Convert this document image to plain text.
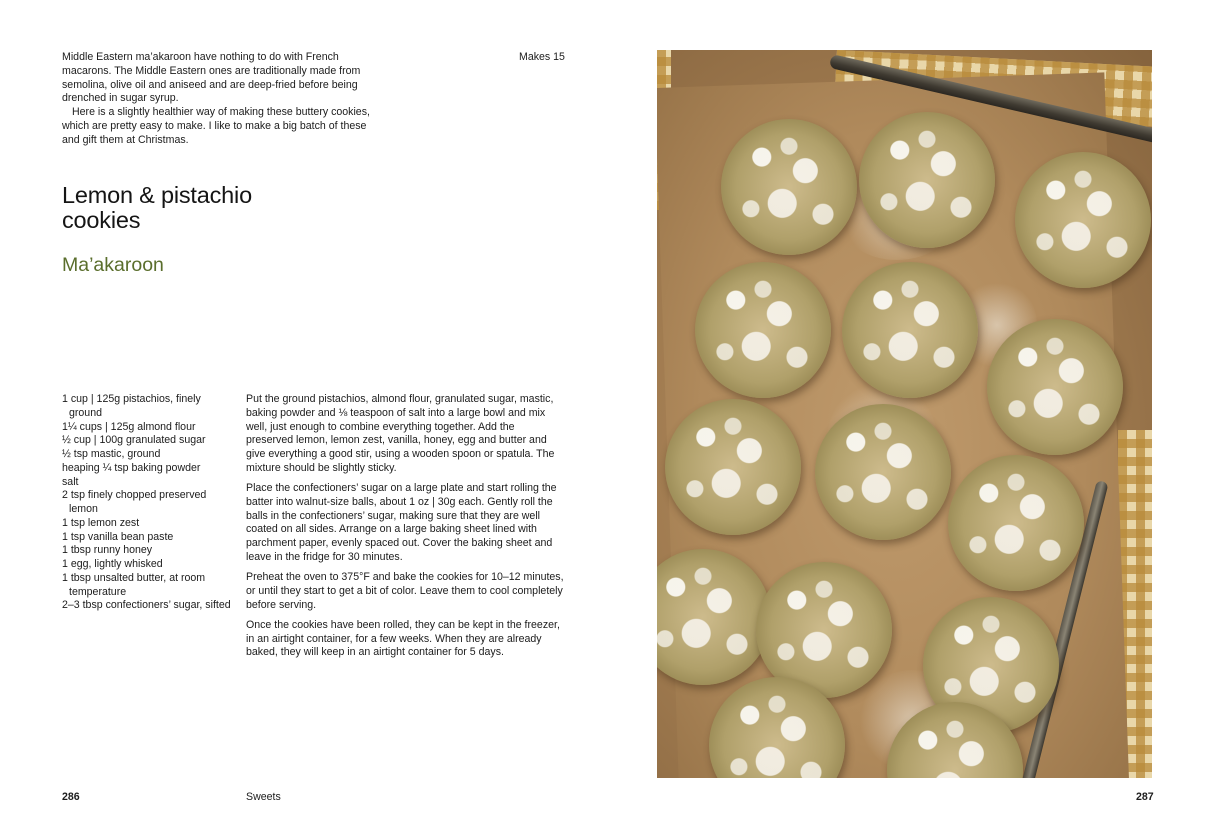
Middle Eastern ma’akaroon have nothing to do with French macarons. The Middle Eastern ones are traditionally made from semolina, olive oil and aniseed and are deep-fried before being drenched in sugar syrup.

Here is a slightly healthier way of making these buttery cookies, which are pretty easy to make. I like to make a big batch of these and gift them at Christmas.

Makes 15
Lemon & pistachio cookies
Ma’akaroon
1 cup | 125g pistachios, finely ground
1¼ cups | 125g almond flour
½ cup | 100g granulated sugar
½ tsp mastic, ground
heaping ¼ tsp baking powder
salt
2 tsp finely chopped preserved lemon
1 tsp lemon zest
1 tsp vanilla bean paste
1 tbsp runny honey
1 egg, lightly whisked
1 tbsp unsalted butter, at room temperature
2–3 tbsp confectioners’ sugar, sifted

Put the ground pistachios, almond flour, granulated sugar, mastic, baking powder and ⅛ teaspoon of salt into a large bowl and mix well, just enough to combine everything together. Add the preserved lemon, lemon zest, vanilla, honey, egg and butter and give everything a good stir, using a wooden spoon or spatula. The mixture should be slightly sticky.

Place the confectioners’ sugar on a large plate and start rolling the batter into walnut-size balls, about 1 oz | 30g each. Gently roll the balls in the confectioners’ sugar, making sure that they are well coated on all sides. Arrange on a large baking sheet lined with parchment paper, evenly spaced out. Cover the baking sheet and leave in the fridge for 30 minutes.

Preheat the oven to 375°F and bake the cookies for 10–12 minutes, or until they start to get a bit of color. Leave them to cool completely before serving.

Once the cookies have been rolled, they can be kept in the freezer, in an airtight container, for a few weeks. When they are already baked, they will keep in an airtight container for 5 days.

286	Sweets	287
